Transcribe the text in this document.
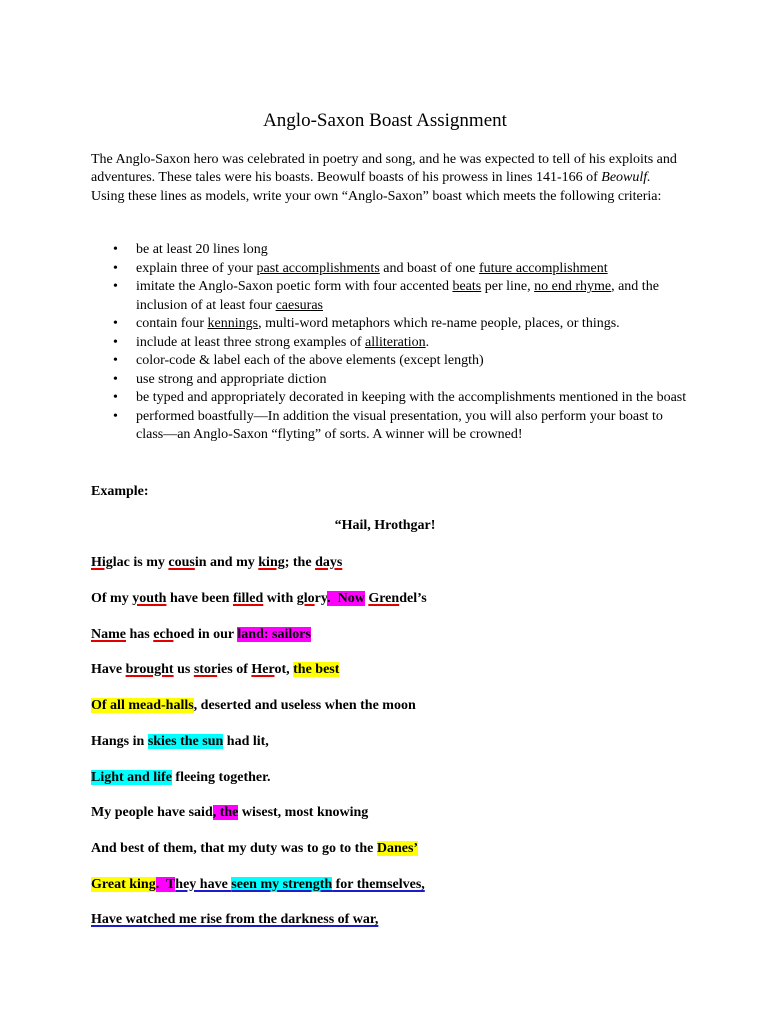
Anglo-Saxon Boast Assignment
The Anglo-Saxon hero was celebrated in poetry and song, and he was expected to tell of his exploits and adventures. These tales were his boasts. Beowulf boasts of his prowess in lines 141-166 of Beowulf. Using these lines as models, write your own “Anglo-Saxon” boast which meets the following criteria:
• be at least 20 lines long
• explain three of your past accomplishments and boast of one future accomplishment
• imitate the Anglo-Saxon poetic form with four accented beats per line, no end rhyme, and the inclusion of at least four caesuras
• contain four kennings, multi-word metaphors which re-name people, places, or things.
• include at least three strong examples of alliteration.
• color-code & label each of the above elements (except length)
• use strong and appropriate diction
• be typed and appropriately decorated in keeping with the accomplishments mentioned in the boast
• performed boastfully—In addition the visual presentation, you will also perform your boast to class—an Anglo-Saxon “flyting” of sorts. A winner will be crowned!
Example:
“Hail, Hrothgar!
Higlac is my cousin and my king; the days
Of my youth have been filled with glory.  Now Grendel’s
Name has echoed in our land: sailors
Have brought us stories of Herot, the best
Of all mead-halls, deserted and useless when the moon
Hangs in skies the sun had lit,
Light and life fleeing together.
My people have said, the wisest, most knowing
And best of them, that my duty was to go to the Danes’
Great king.  They have seen my strength for themselves,
Have watched me rise from the darkness of war,
